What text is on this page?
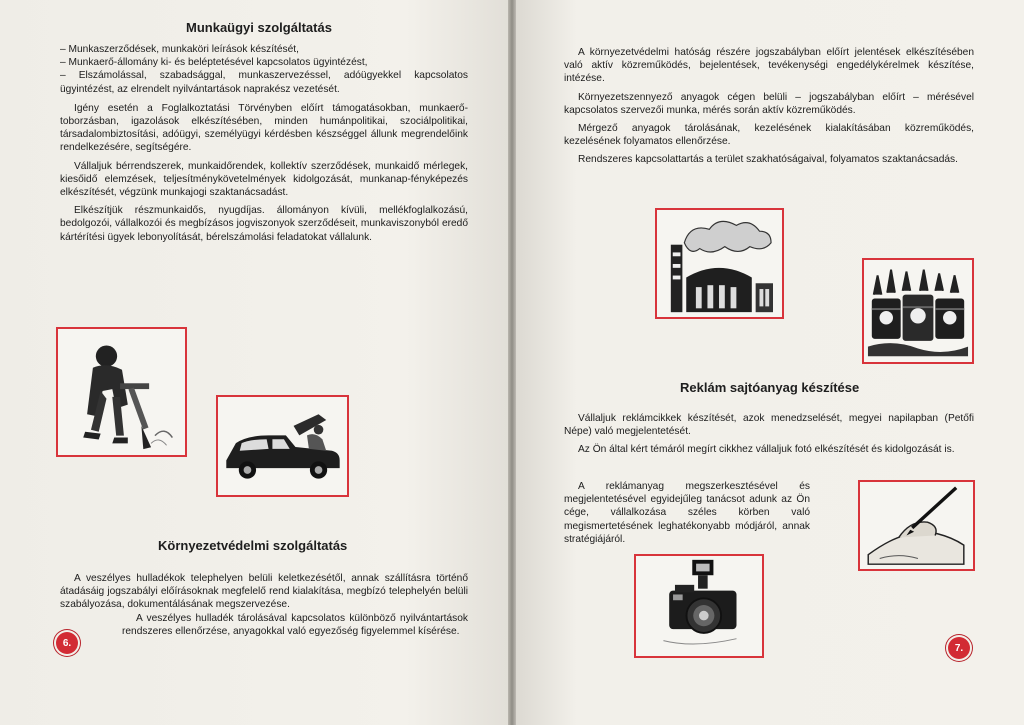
Munkaügyi szolgáltatás
– Munkaszerződések, munkaköri leírások készítését,
– Munkaerő-állomány ki- és beléptetésével kapcsolatos ügyintézést,
– Elszámolással, szabadsággal, munkaszervezéssel, adóügyekkel kapcsolatos ügyintézést, az elrendelt nyilvántartások naprakész vezetését.

Igény esetén a Foglalkoztatási Törvényben előírt támogatásokban, munkaerő-toborzásban, igazolások elkészítésében, minden humánpolitikai, szociálpolitikai, társadalombiztosítási, adóügyi, személyügyi kérdésben készséggel állunk megrendelőink rendelkezésére, segítségére.

Vállaljuk bérrendszerek, munkaidőrendek, kollektív szerződések, munkaidő mérlegek, kiesőidő elemzések, teljesítménykövetelmények kidolgozását, munkanap-fényképezés elkészítését, végzünk munkajogi szaktanácsadást.

Elkészítjük részmunkaidős, nyugdíjas. állományon kívüli, mellékfoglalkozású, bedolgozói, vállalkozói és megbízásos jogviszonyok szerződéseit, munkaviszonyból eredő kártérítési ügyek lebonyolítását, bérelszámolási feladatokat vállalunk.

Környezetvédelmi szolgáltatás

A veszélyes hulladékok telephelyen belüli keletkezésétől, annak szállításra történő átadásáig jogszabályi előírásoknak megfelelő rend kialakítása, megbízó telephelyén belüli szabályozása, dokumentálásának megszervezése.

A veszélyes hulladék tárolásával kapcsolatos különböző nyilvántartások rendszeres ellenőrzése, anyagokkal való egyezőség figyelemmel kísérése.

6.

A környezetvédelmi hatóság részére jogszabályban előírt jelentések elkészítésében való aktív közreműködés, bejelentések, tevékenységi engedélykérelmek készítése, intézése.

Környezetszennyező anyagok cégen belüli – jogszabályban előírt – mérésével kapcsolatos szervezői munka, mérés során aktív közreműködés.

Mérgező anyagok tárolásának, kezelésének kialakításában közreműködés, kezelésének folyamatos ellenőrzése.

Rendszeres kapcsolattartás a terület szakhatóságaival, folyamatos szaktanácsadás.

Reklám sajtóanyag készítése

Vállaljuk reklámcikkek készítését, azok menedzselését, megyei napilapban (Petőfi Népe) való megjelentetését.

Az Ön által kért témáról megírt cikkhez vállaljuk fotó elkészítését és kidolgozását is.

A reklámanyag megszerkesztésével és megjelentetésével egyidejűleg tanácsot adunk az Ön cége, vállalkozása széles körben való megismertetésének leghatékonyabb módjáról, annak stratégiájáról.

7.
